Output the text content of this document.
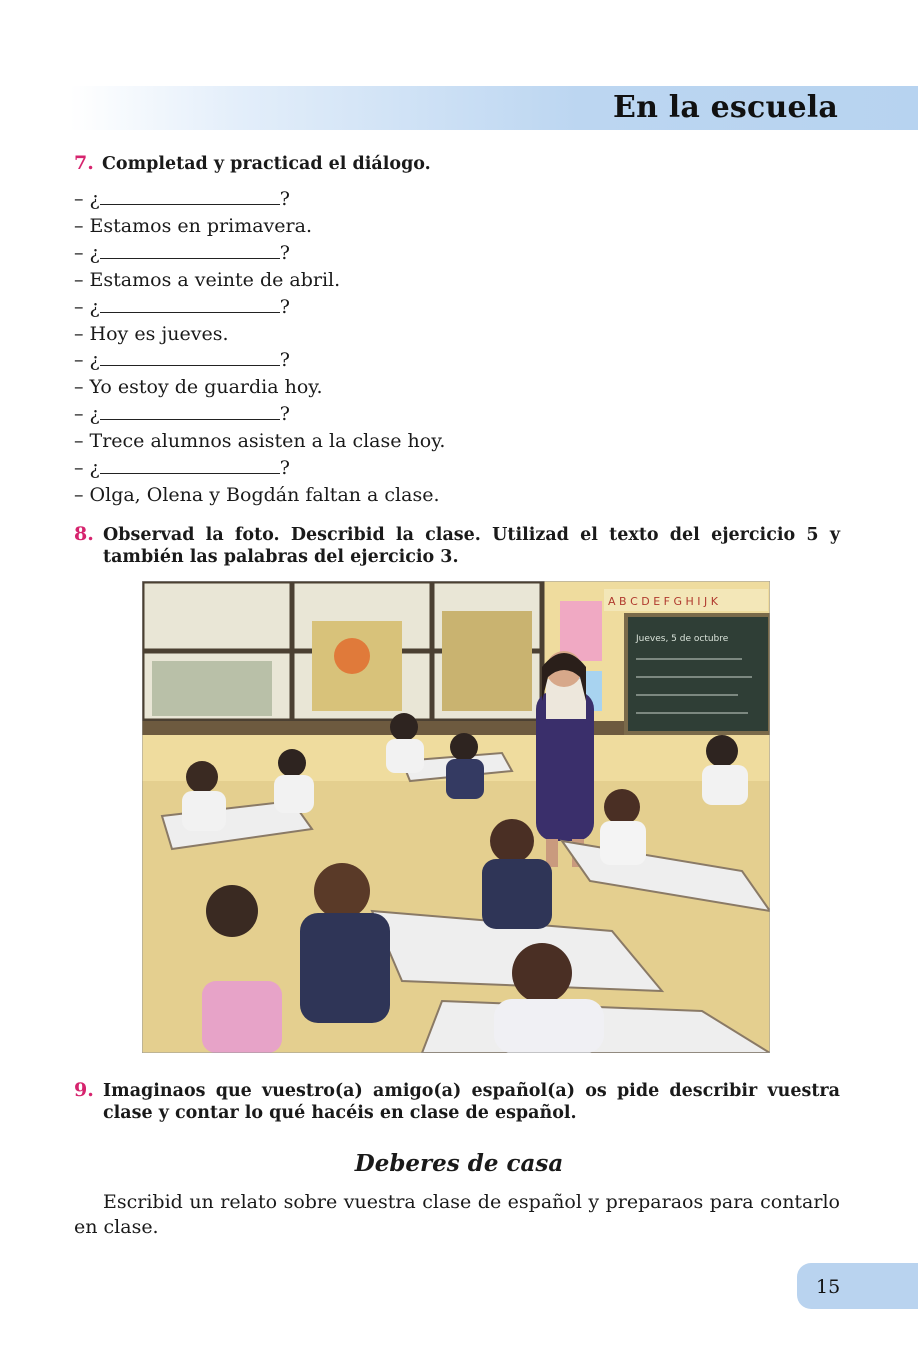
En la escuela
7. Completad y practicad el diálogo.
– ¿	?
– Estamos en primavera.
– ¿	?
– Estamos a veinte de abril.
– ¿	?
– Hoy es jueves.
– ¿	?
– Yo estoy de guardia hoy.
– ¿	?
– Trece alumnos asisten a la clase hoy.
– ¿	?
– Olga, Olena y Bogdán faltan a clase.
8. Observad la foto. Describid la clase. Utilizad el texto del ejercicio 5 y también las palabras del ejercicio 3.
A B C D E F G H I J K
Jueves, 5 de octubre
9. Imaginaos que vuestro(a) amigo(a) español(a) os pide describir vuestra clase y contar lo qué hacéis en clase de español.
Deberes de casa
Escribid un relato sobre vuestra clase de español y preparaos para contarlo en clase.
15
